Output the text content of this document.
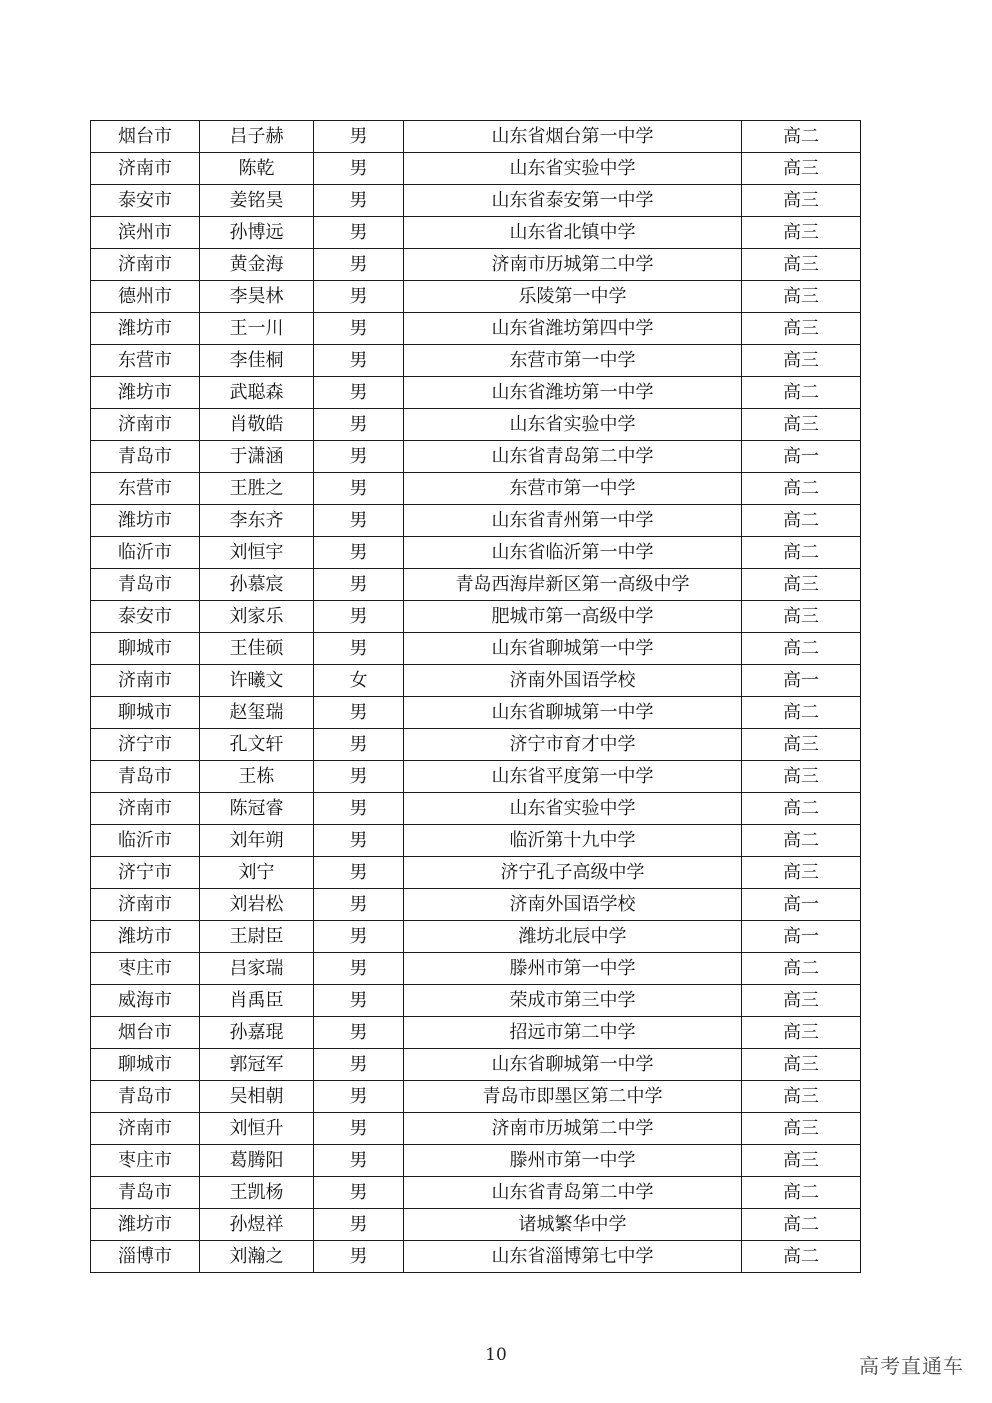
烟台市	吕子赫	男	山东省烟台第一中学	高二
济南市	陈乾	男	山东省实验中学	高三
泰安市	姜铭昊	男	山东省泰安第一中学	高三
滨州市	孙博远	男	山东省北镇中学	高三
济南市	黄金海	男	济南市历城第二中学	高三
德州市	李昊林	男	乐陵第一中学	高三
潍坊市	王一川	男	山东省潍坊第四中学	高三
东营市	李佳桐	男	东营市第一中学	高三
潍坊市	武聪森	男	山东省潍坊第一中学	高二
济南市	肖敬皓	男	山东省实验中学	高三
青岛市	于潇涵	男	山东省青岛第二中学	高一
东营市	王胜之	男	东营市第一中学	高二
潍坊市	李东齐	男	山东省青州第一中学	高二
临沂市	刘恒宇	男	山东省临沂第一中学	高二
青岛市	孙慕宸	男	青岛西海岸新区第一高级中学	高三
泰安市	刘家乐	男	肥城市第一高级中学	高三
聊城市	王佳硕	男	山东省聊城第一中学	高二
济南市	许曦文	女	济南外国语学校	高一
聊城市	赵玺瑞	男	山东省聊城第一中学	高二
济宁市	孔文轩	男	济宁市育才中学	高三
青岛市	王栋	男	山东省平度第一中学	高三
济南市	陈冠睿	男	山东省实验中学	高二
临沂市	刘年朔	男	临沂第十九中学	高二
济宁市	刘宁	男	济宁孔子高级中学	高三
济南市	刘岩松	男	济南外国语学校	高一
潍坊市	王尉臣	男	潍坊北辰中学	高一
枣庄市	吕家瑞	男	滕州市第一中学	高二
威海市	肖禹臣	男	荣成市第三中学	高三
烟台市	孙嘉琨	男	招远市第二中学	高三
聊城市	郭冠军	男	山东省聊城第一中学	高三
青岛市	吴相朝	男	青岛市即墨区第二中学	高三
济南市	刘恒升	男	济南市历城第二中学	高三
枣庄市	葛腾阳	男	滕州市第一中学	高三
青岛市	王凯杨	男	山东省青岛第二中学	高二
潍坊市	孙煜祥	男	诸城繁华中学	高二
淄博市	刘瀚之	男	山东省淄博第七中学	高二
10	高考直通车
